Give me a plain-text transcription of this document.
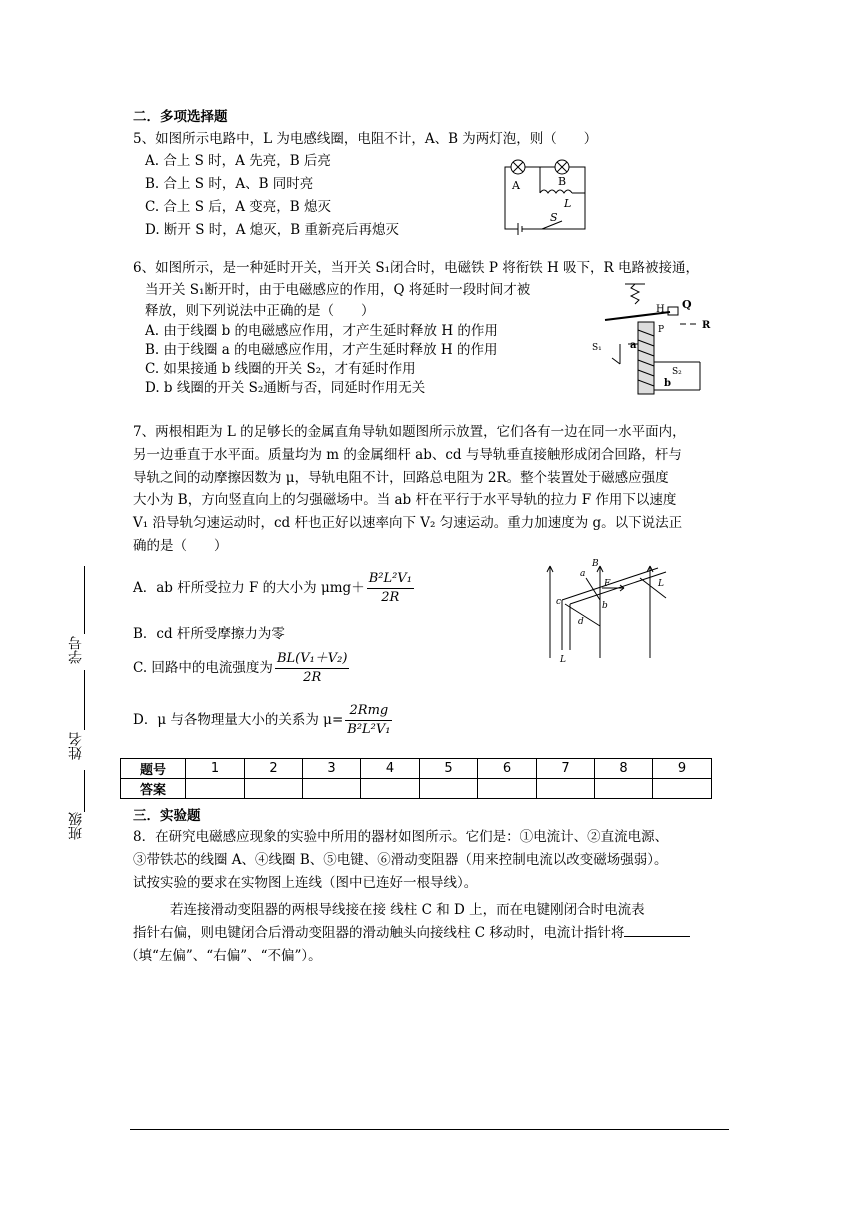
二．多项选择题
5、如图所示电路中，L 为电感线圈，电阻不计，A、B 为两灯泡，则（　　）
A. 合上 S 时，A 先亮，B 后亮
B. 合上 S 时，A、B 同时亮
C. 合上 S 后，A 变亮，B 熄灭
D. 断开 S 时，A 熄灭，B 重新亮后再熄灭
A	B
L
S
6、如图所示，是一种延时开关，当开关 S₁闭合时，电磁铁 P 将衔铁 H 吸下，R 电路被接通，
当开关 S₁断开时，由于电磁感应的作用，Q 将延时一段时间才被
释放，则下列说法中正确的是（　　）
A. 由于线圈 b 的电磁感应作用，才产生延时释放 H 的作用
B. 由于线圈 a 的电磁感应作用，才产生延时释放 H 的作用
C. 如果接通 b 线圈的开关 S₂，才有延时作用
D. b 线圈的开关 S₂通断与否，同延时作用无关
H Q
P	R
S₁
S₂
a
b
7、两根相距为 L 的足够长的金属直角导轨如题图所示放置，它们各有一边在同一水平面内，
另一边垂直于水平面。质量均为 m 的金属细杆 ab、cd 与导轨垂直接触形成闭合回路，杆与
导轨之间的动摩擦因数为 μ，导轨电阻不计，回路总电阻为 2R。整个装置处于磁感应强度
大小为 B，方向竖直向上的匀强磁场中。当 ab 杆在平行于水平导轨的拉力 F 作用下以速度
V₁ 沿导轨匀速运动时，cd 杆也正好以速率向下 V₂ 匀速运动。重力加速度为 g。以下说法正
确的是（　　）
A．ab 杆所受拉力 F 的大小为 $\mu mg+ \frac{\text{B²L²V₁}}{2R}$
B．cd 杆所受摩擦力为零
C. 回路中的电流强度为 $\frac{\text{BL(V₁＋V₂)}}{2R}$
D．μ 与各物理量大小的关系为 $\mu= \frac{\text{2Rmg}}{\text{B²L²V₁}}$
B
a
F
b
L
c
d
L
学号
姓名
班级
题号	1	2	3	4	5	6	7	8	9
答案									
三．实验题
8．在研究电磁感应现象的实验中所用的器材如图所示。它们是：①电流计、②直流电源、
③带铁芯的线圈 A、④线圈 B、⑤电键、⑥滑动变阻器（用来控制电流以改变磁场强弱）。
试按实验的要求在实物图上连线（图中已连好一根导线）。
若连接滑动变阻器的两根导线接在接 线柱 C 和 D 上，而在电键刚闭合时电流表
指针右偏，则电键闭合后滑动变阻器的滑动触头向接线柱 C 移动时，电流计指针将
（填“左偏”、“右偏”、“不偏”）。
